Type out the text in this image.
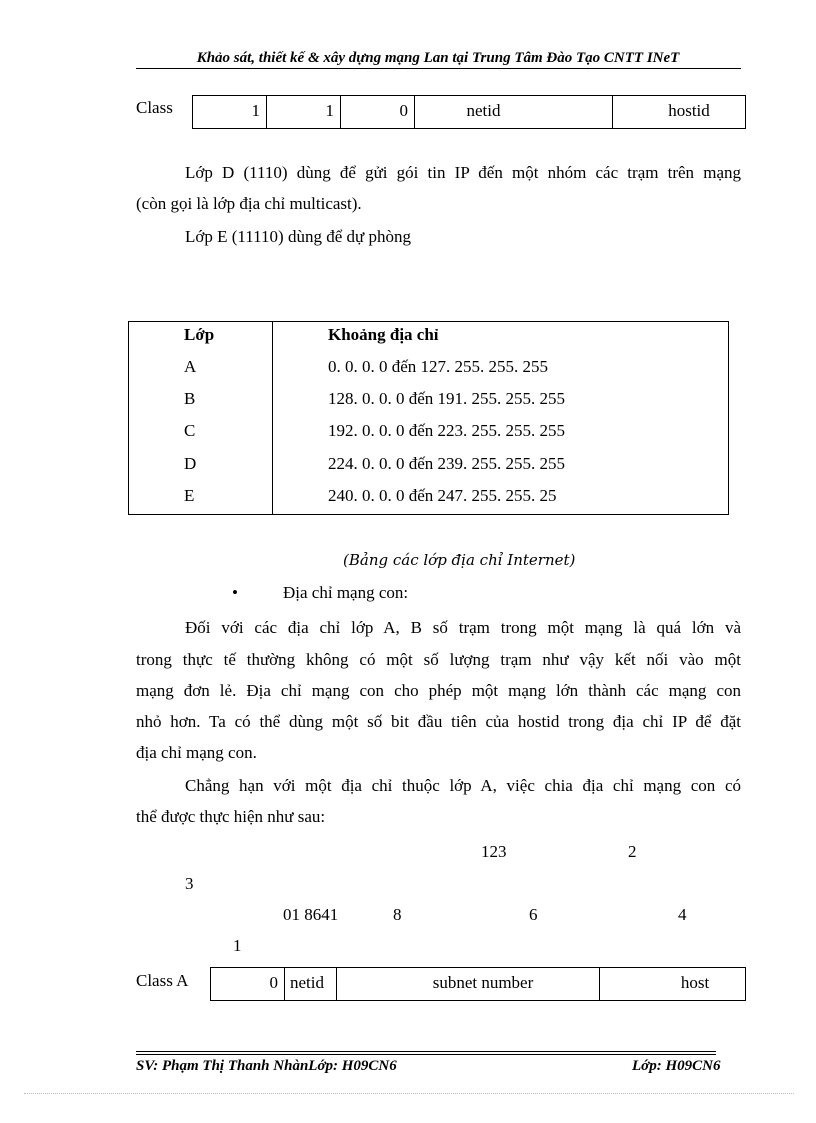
Khảo sát, thiết kế & xây dựng mạng Lan tại Trung Tâm Đào Tạo CNTT INeT
Class	1	1	0	netid	hostid
Lớp D (1110) dùng để gửi gói tin IP đến một nhóm các trạm trên mạng
(còn gọi là lớp địa chỉ multicast).
Lớp E (11110) dùng để dự phòng
Lớp	Khoảng địa chỉ
A	0. 0. 0. 0 đến 127. 255. 255. 255
B	128. 0. 0. 0 đến 191. 255. 255. 255
C	192. 0. 0. 0 đến 223. 255. 255. 255
D	224. 0. 0. 0 đến 239. 255. 255. 255
E	240. 0. 0. 0 đến 247. 255. 255. 25
(Bảng các lớp địa chỉ Internet)
•	Địa chỉ mạng con:
Đối với các địa chỉ lớp A, B số trạm trong một mạng là quá lớn và
trong thực tế thường không có một số lượng trạm như vậy kết nối vào một
mạng đơn lẻ. Địa chỉ mạng con cho phép một mạng lớn thành các mạng con
nhỏ hơn. Ta có thể dùng một số bit đầu tiên của hostid trong địa chỉ IP để đặt
địa chỉ mạng con.
Chẳng hạn với một địa chỉ thuộc lớp A, việc chia địa chỉ mạng con có
thể được thực hiện như sau:
123	2
3
01 8641	8	6	4
1
Class A	0 netid	subnet number	host
SV: Phạm Thị Thanh NhànLớp: H09CN6	Lớp: H09CN6
